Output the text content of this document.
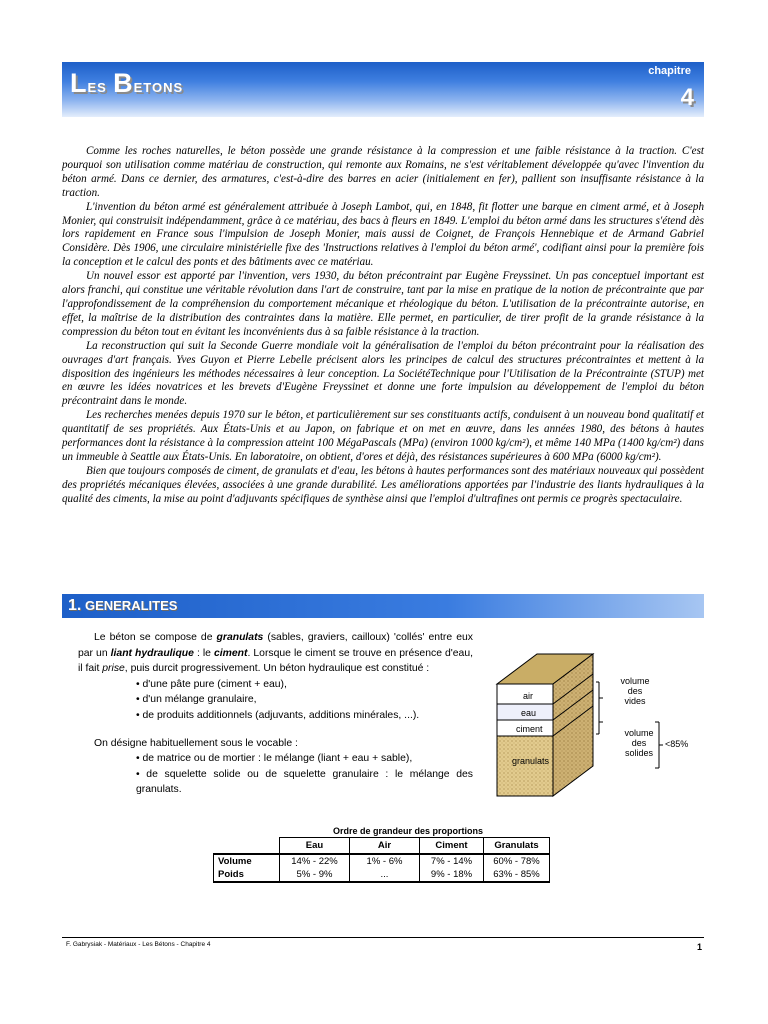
Les Betons
chapitre
4

Comme les roches naturelles, le béton possède une grande résistance à la compression et une faible résistance à la traction. C'est pourquoi son utilisation comme matériau de construction, qui remonte aux Romains, ne s'est véritablement développée qu'avec l'invention du béton armé. Dans ce dernier, des armatures, c'est-à-dire des barres en acier (initialement en fer), pallient son insuffisante résistance à la traction.

L'invention du béton armé est généralement attribuée à Joseph Lambot, qui, en 1848, fit flotter une barque en ciment armé, et à Joseph Monier, qui construisit indépendamment, grâce à ce matériau, des bacs à fleurs en 1849. L'emploi du béton armé dans les structures s'étend dès lors rapidement en France sous l'impulsion de Joseph Monier, mais aussi de Coignet, de François Hennebique et de Armand Gabriel Considère. Dès 1906, une circulaire ministérielle fixe des 'Instructions relatives à l'emploi du béton armé', codifiant ainsi pour la première fois la conception et le calcul des ponts et des bâtiments avec ce matériau.

Un nouvel essor est apporté par l'invention, vers 1930, du béton précontraint par Eugène Freyssinet. Un pas conceptuel important est alors franchi, qui constitue une véritable révolution dans l'art de construire, tant par la mise en pratique de la notion de précontrainte que par l'approfondissement de la compréhension du comportement mécanique et rhéologique du béton. L'utilisation de la précontrainte autorise, en effet, la maîtrise de la distribution des contraintes dans la matière. Elle permet, en particulier, de tirer profit de la grande résistance à la compression du béton tout en évitant les inconvénients dus à sa faible résistance à la traction.

La reconstruction qui suit la Seconde Guerre mondiale voit la généralisation de l'emploi du béton précontraint pour la réalisation des ouvrages d'art français. Yves Guyon et Pierre Lebelle précisent alors les principes de calcul des structures précontraintes et mettent à la disposition des ingénieurs les méthodes nécessaires à leur conception. La SociétéTechnique pour l'Utilisation de la Précontrainte (STUP) met en œuvre les idées novatrices et les brevets d'Eugène Freyssinet et donne une forte impulsion au développement de l'emploi du béton précontraint dans le monde.

Les recherches menées depuis 1970 sur le béton, et particulièrement sur ses constituants actifs, conduisent à un nouveau bond qualitatif et quantitatif de ses propriétés. Aux États-Unis et au Japon, on fabrique et on met en œuvre, dans les années 1980, des bétons à hautes performances dont la résistance à la compression atteint 100 MégaPascals (MPa) (environ 1000 kg/cm²), et même 140 MPa (1400 kg/cm²) dans un immeuble à Seattle aux États-Unis. En laboratoire, on obtient, d'ores et déjà, des résistances supérieures à 600 MPa (6000 kg/cm²).

Bien que toujours composés de ciment, de granulats et d'eau, les bétons à hautes performances sont des matériaux nouveaux qui possèdent des propriétés mécaniques élevées, associées à une grande durabilité. Les améliorations apportées par l'industrie des liants hydrauliques à la qualité des ciments, la mise au point d'adjuvants spécifiques de synthèse ainsi que l'emploi d'ultrafines ont permis ce progrès spectaculaire.

1. GENERALITES

Le béton se compose de granulats (sables, graviers, cailloux) 'collés' entre eux par un liant hydraulique : le ciment. Lorsque le ciment se trouve en présence d'eau, il fait prise, puis durcit progressivement. Un béton hydraulique est constitué :

• d'une pâte pure (ciment + eau),
• d'un mélange granulaire,
• de produits additionnels (adjuvants, additions minérales, ...).

On désigne habituellement sous le vocable :

• de matrice ou de mortier : le mélange (liant + eau + sable),
• de squelette solide ou de squelette granulaire : le mélange des granulats.
air
eau
ciment
granulats
volume
des
vides
volume
des
solides
<85%
Ordre de grandeur des proportions
	Eau	Air	Ciment	Granulats
Volume	14% - 22%	1% - 6%	7% - 14%	60% - 78%
Poids	5% - 9%	...	9% - 18%	63% - 85%
F. Gabrysiak - Matériaux - Les Bétons - Chapitre 4	1
